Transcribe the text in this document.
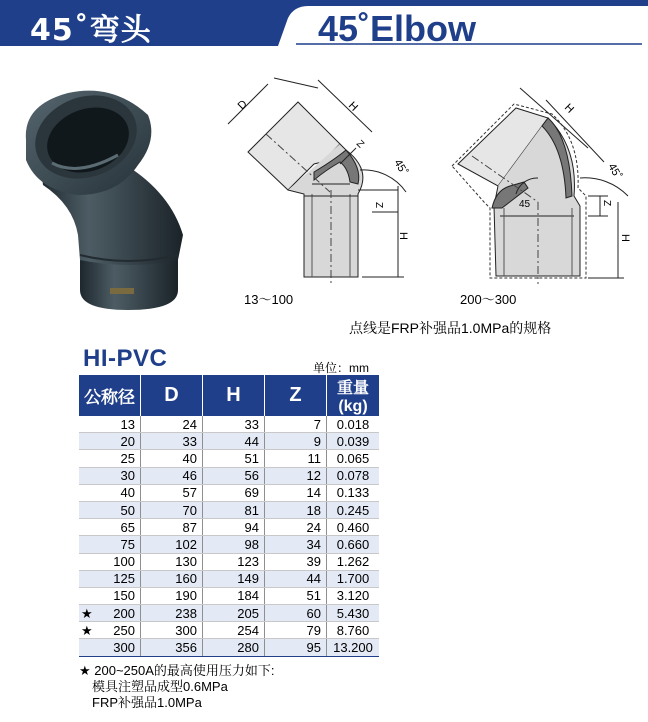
45˚弯头	45˚Elbow
D	H
Z
45˚
Z
H
13～100
H
45˚
45	Z
H
200～300
点线是FRP补强品1.0MPa的规格
HI-PVC	单位：mm
公称径	D	H	Z	重量(kg)
13	24	33	7	0.018
20	33	44	9	0.039
25	40	51	11	0.065
30	46	56	12	0.078
40	57	69	14	0.133
50	70	81	18	0.245
65	87	94	24	0.460
75	102	98	34	0.660
100	130	123	39	1.262
125	160	149	44	1.700
150	190	184	51	3.120

★ 200	238	205	60	5.430

★ 250	300	254	79	8.760
300	356	280	95	13.200
★ 200~250A的最高使用压力如下:
模具注塑品成型0.6MPa
FRP补强品1.0MPa
